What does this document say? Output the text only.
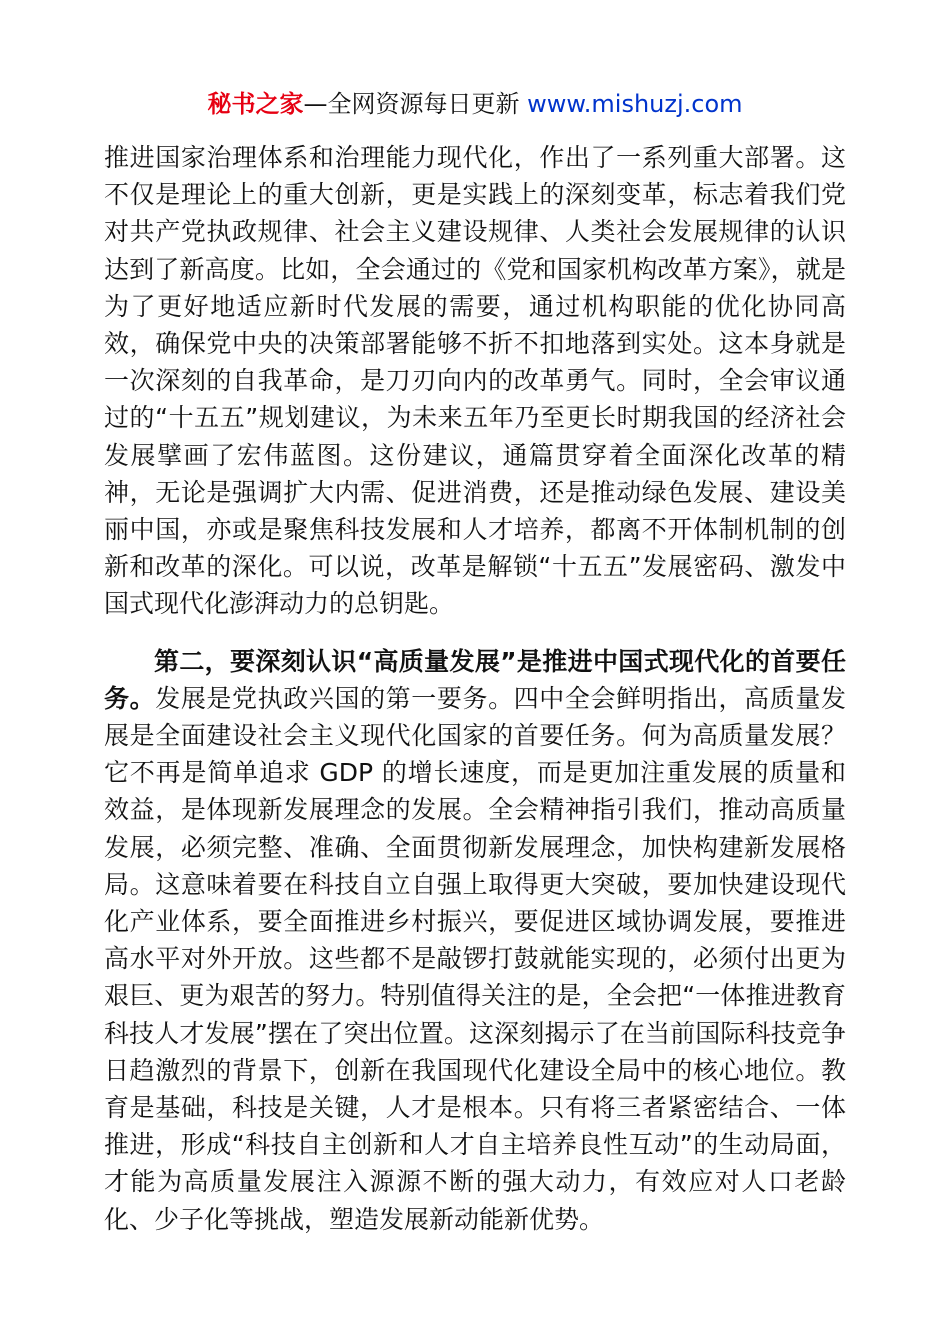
秘书之家—全网资源每日更新 www.mishuzj.com

推进国家治理体系和治理能力现代化，作出了一系列重大部署。这不仅是理论上的重大创新，更是实践上的深刻变革，标志着我们党对共产党执政规律、社会主义建设规律、人类社会发展规律的认识达到了新高度。比如，全会通过的《党和国家机构改革方案》，就是为了更好地适应新时代发展的需要，通过机构职能的优化协同高效，确保党中央的决策部署能够不折不扣地落到实处。这本身就是一次深刻的自我革命，是刀刃向内的改革勇气。同时，全会审议通过的“十五五”规划建议，为未来五年乃至更长时期我国的经济社会发展擘画了宏伟蓝图。这份建议，通篇贯穿着全面深化改革的精神，无论是强调扩大内需、促进消费，还是推动绿色发展、建设美丽中国，亦或是聚焦科技发展和人才培养，都离不开体制机制的创新和改革的深化。可以说，改革是解锁“十五五”发展密码、激发中国式现代化澎湃动力的总钥匙。

第二，要深刻认识“高质量发展”是推进中国式现代化的首要任务。发展是党执政兴国的第一要务。四中全会鲜明指出，高质量发展是全面建设社会主义现代化国家的首要任务。何为高质量发展？它不再是简单追求 GDP 的增长速度，而是更加注重发展的质量和效益，是体现新发展理念的发展。全会精神指引我们，推动高质量发展，必须完整、准确、全面贯彻新发展理念，加快构建新发展格局。这意味着要在科技自立自强上取得更大突破，要加快建设现代化产业体系，要全面推进乡村振兴，要促进区域协调发展，要推进高水平对外开放。这些都不是敲锣打鼓就能实现的，必须付出更为艰巨、更为艰苦的努力。特别值得关注的是，全会把“一体推进教育科技人才发展”摆在了突出位置。这深刻揭示了在当前国际科技竞争日趋激烈的背景下，创新在我国现代化建设全局中的核心地位。教育是基础，科技是关键，人才是根本。只有将三者紧密结合、一体推进，形成“科技自主创新和人才自主培养良性互动”的生动局面，才能为高质量发展注入源源不断的强大动力，有效应对人口老龄化、少子化等挑战，塑造发展新动能新优势。
